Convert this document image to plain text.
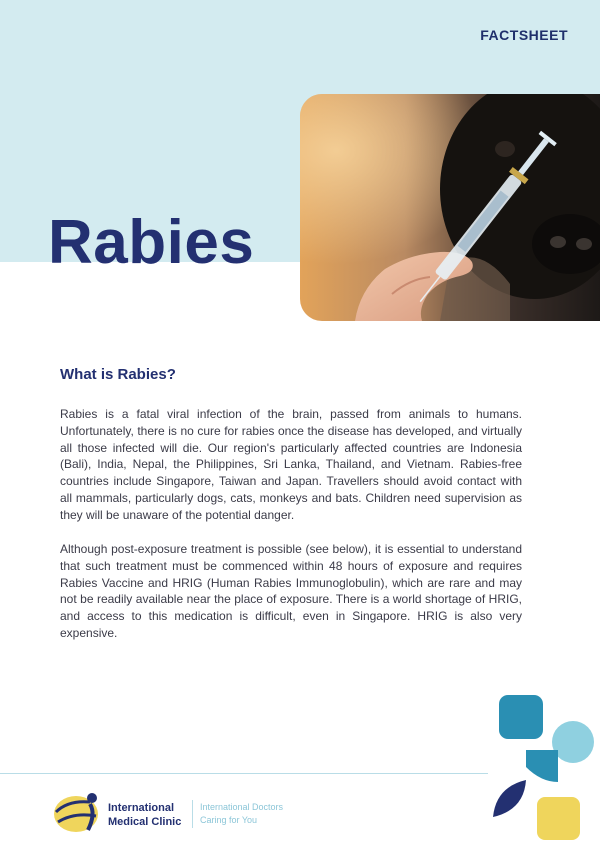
FACTSHEET
Rabies
What is Rabies?

Rabies is a fatal viral infection of the brain, passed from animals to humans. Unfortunately, there is no cure for rabies once the disease has developed, and virtually all those infected will die. Our region's particularly affected countries are Indonesia (Bali), India, Nepal, the Philippines, Sri Lanka, Thailand, and Vietnam. Rabies-free countries include Singapore, Taiwan and Japan. Travellers should avoid contact with all mammals, particularly dogs, cats, monkeys and bats. Children need supervision as they will be unaware of the potential danger.

Although post-exposure treatment is possible (see below), it is essential to understand that such treatment must be commenced within 48 hours of exposure and requires Rabies Vaccine and HRIG (Human Rabies Immunoglobulin), which are rare and may not be readily available near the place of exposure. There is a world shortage of HRIG, and access to this medication is difficult, even in Singapore. HRIG is also very expensive.

International
Medical Clinic
International Doctors
Caring for You
